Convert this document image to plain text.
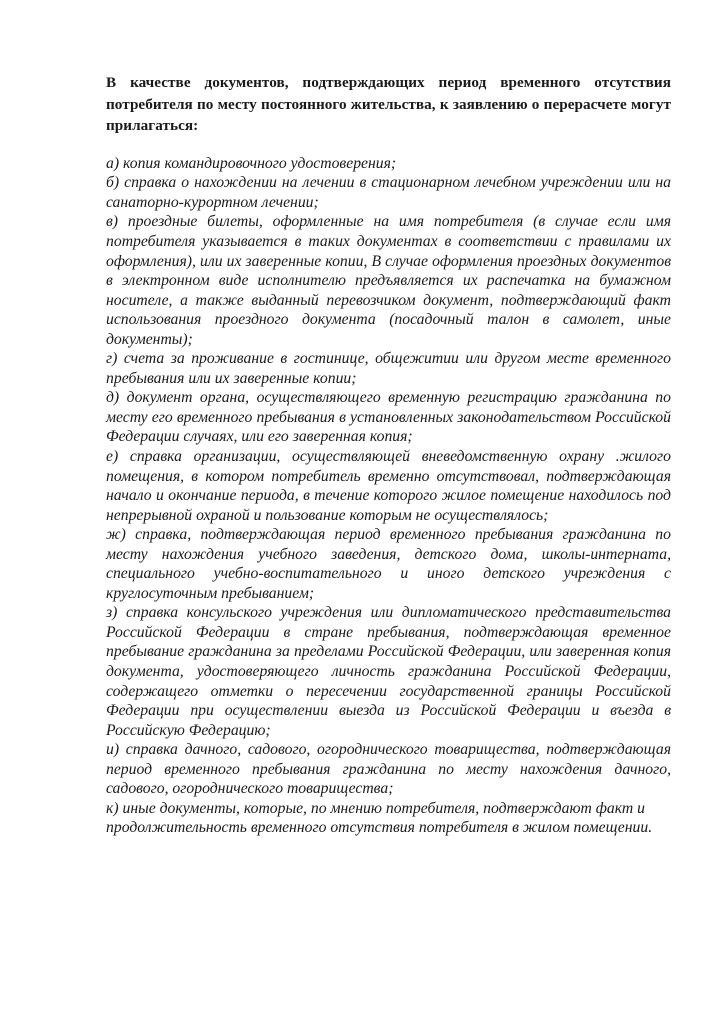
В качестве документов, подтверждающих период временного отсутствия потребителя по месту постоянного жительства, к заявлению о перерасчете могут прилагаться:

а) копия командировочного удостоверения;

б) справка о нахождении на лечении в стационарном лечебном учреждении или на санаторно-курортном лечении;

в) проездные билеты, оформленные на имя потребителя (в случае если имя потребителя указывается в таких документах в соответствии с правилами их оформления), или их заверенные копии, В случае оформления проездных документов в электронном виде исполнителю предъявляется их распечатка на бумажном носителе, а также выданный перевозчиком документ, подтверждающий факт использования проездного документа (посадочный талон в самолет, иные документы);

г) счета за проживание в гостинице, общежитии или другом месте временного пребывания или их заверенные копии;

д) документ органа, осуществляющего временную регистрацию гражданина по месту его временного пребывания в установленных законодательством Российской Федерации случаях, или его заверенная копия;

е) справка организации, осуществляющей вневедомственную охрану .жилого помещения, в котором потребитель временно отсутствовал, подтверждающая начало и окончание периода, в течение которого жилое помещение находилось под непрерывной охраной и пользование которым не осуществлялось;

ж) справка, подтверждающая период временного пребывания гражданина по месту нахождения учебного заведения, детского дома, школы-интерната, специального учебно-воспитательного и иного детского учреждения с круглосуточным пребыванием;

з) справка консульского учреждения или дипломатического представительства Российской Федерации в стране пребывания, подтверждающая временное пребывание гражданина за пределами Российской Федерации, или заверенная копия документа, удостоверяющего личность гражданина Российской Федерации, содержащего отметки о пересечении государственной границы Российской Федерации при осуществлении выезда из Российской Федерации и въезда в Российскую Федерацию;

и) справка дачного, садового, огороднического товарищества, подтверждающая период временного пребывания гражданина по месту нахождения дачного, садового, огороднического товарищества;

к) иные документы, которые, по мнению потребителя, подтверждают факт и продолжительность временного отсутствия потребителя в жилом помещении.
